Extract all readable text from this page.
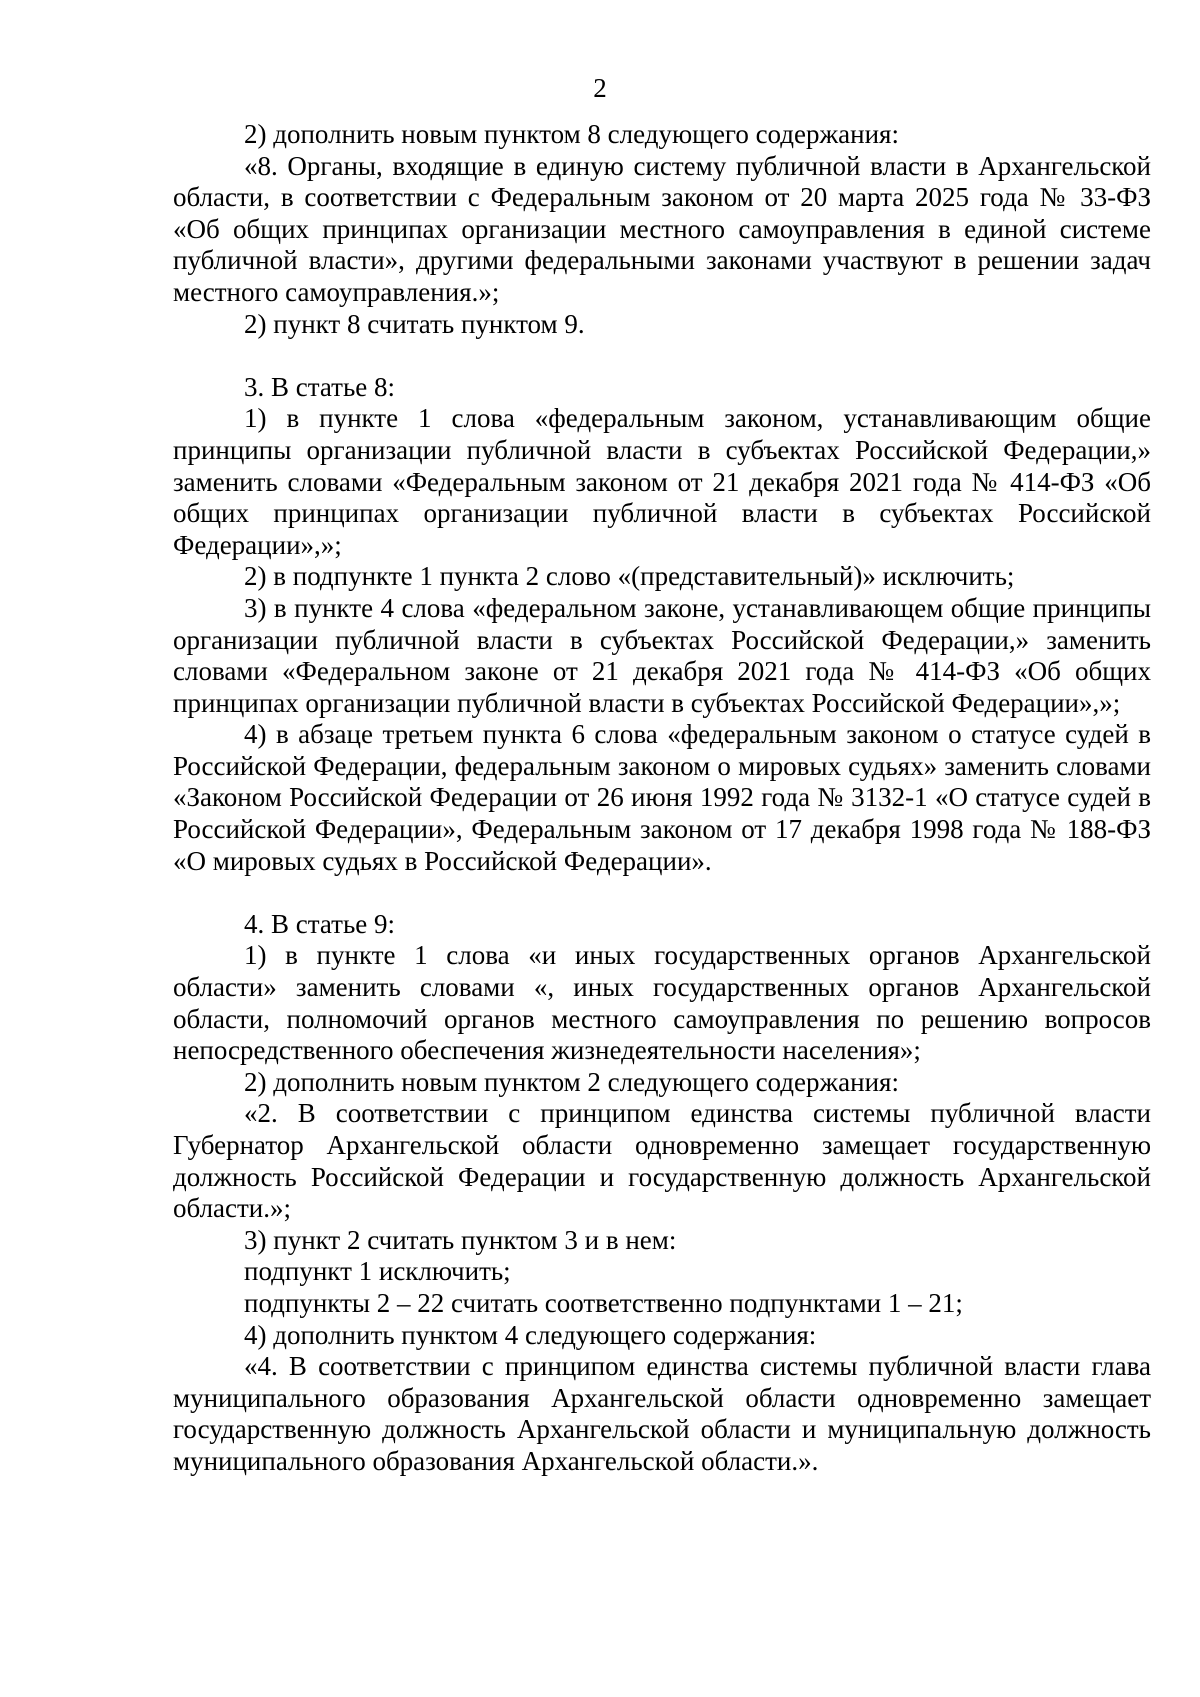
2

2) дополнить новым пунктом 8 следующего содержания:

«8. Органы, входящие в единую систему публичной власти в Архангельской области, в соответствии с Федеральным законом от 20 марта 2025 года № 33-ФЗ «Об общих принципах организации местного самоуправления в единой системе публичной власти», другими федеральными законами участвуют в решении задач местного самоуправления.»;

2) пункт 8 считать пунктом 9.

3. В статье 8:

1) в пункте 1 слова «федеральным законом, устанавливающим общие принципы организации публичной власти в субъектах Российской Федерации,» заменить словами «Федеральным законом от 21 декабря 2021 года № 414-ФЗ «Об общих принципах организации публичной власти в субъектах Российской Федерации»,»;

2) в подпункте 1 пункта 2 слово «(представительный)» исключить;

3) в пункте 4 слова «федеральном законе, устанавливающем общие принципы организации публичной власти в субъектах Российской Федерации,» заменить словами «Федеральном законе от 21 декабря 2021 года № 414-ФЗ «Об общих принципах организации публичной власти в субъектах Российской Федерации»,»;

4) в абзаце третьем пункта 6 слова «федеральным законом о статусе судей в Российской Федерации, федеральным законом о мировых судьях» заменить словами «Законом Российской Федерации от 26 июня 1992 года № 3132-1 «О статусе судей в Российской Федерации», Федеральным законом от 17 декабря 1998 года № 188-ФЗ «О мировых судьях в Российской Федерации».

4. В статье 9:

1) в пункте 1 слова «и иных государственных органов Архангельской области» заменить словами «, иных государственных органов Архангельской области, полномочий органов местного самоуправления по решению вопросов непосредственного обеспечения жизнедеятельности населения»;

2) дополнить новым пунктом 2 следующего содержания:

«2. В соответствии с принципом единства системы публичной власти Губернатор Архангельской области одновременно замещает государственную должность Российской Федерации и государственную должность Архангельской области.»;

3) пункт 2 считать пунктом 3 и в нем:

подпункт 1 исключить;

подпункты 2 – 22 считать соответственно подпунктами 1 – 21;

4) дополнить пунктом 4 следующего содержания:

«4. В соответствии с принципом единства системы публичной власти глава муниципального образования Архангельской области одновременно замещает государственную должность Архангельской области и муниципальную должность муниципального образования Архангельской области.».
